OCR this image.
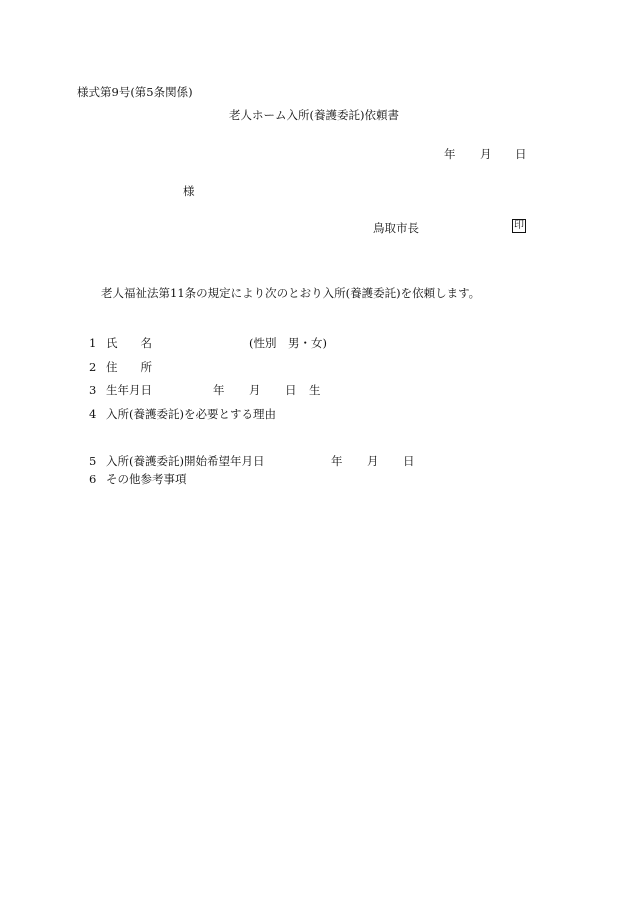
様式第9号(第5条関係)
老人ホーム入所(養護委託)依頼書
年 月 日
様
鳥取市長	印
老人福祉法第11条の規定により次のとおり入所(養護委託)を依頼します。
1 氏　　名	(性別　男・女)
2 住　　所
3 生年月日	年 月 日 生
4 入所(養護委託)を必要とする理由
5 入所(養護委託)開始希望年月日	年 月 日
6 その他参考事項
